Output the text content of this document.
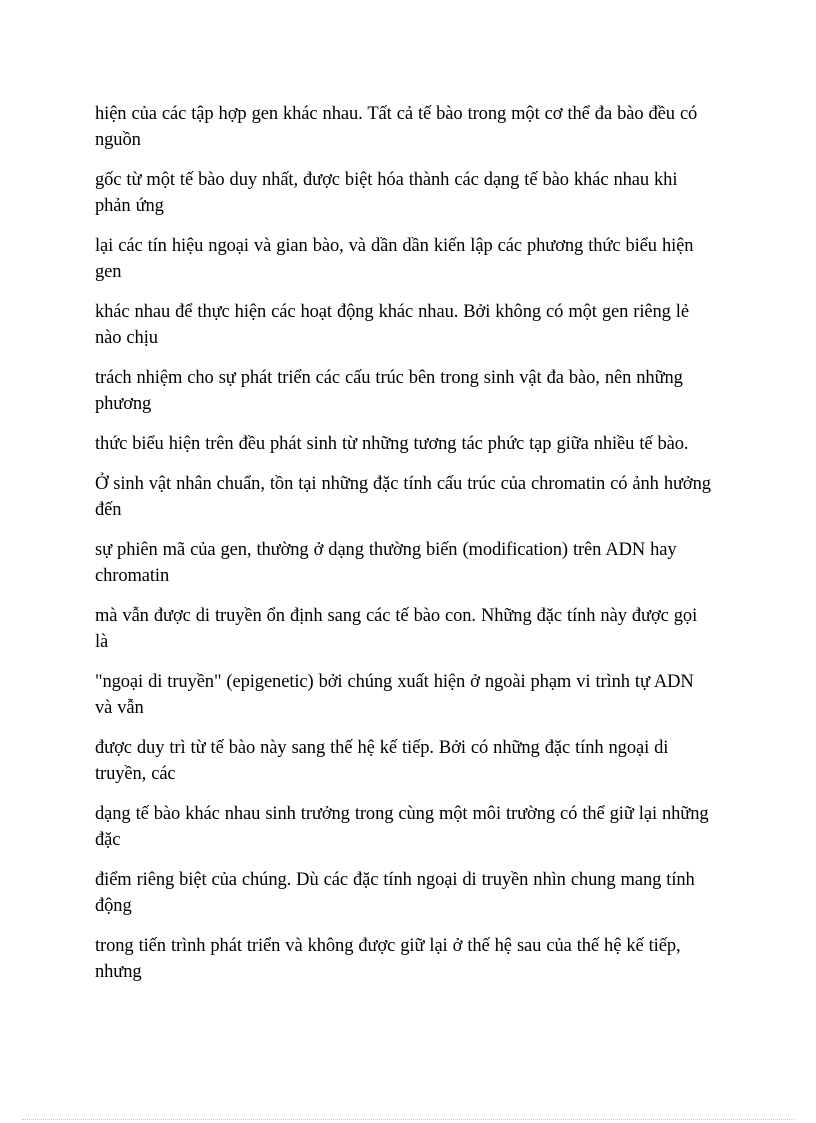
hiện của các tập hợp gen khác nhau. Tất cả tế bào trong một cơ thể đa bào đều có
nguồn

gốc từ một tế bào duy nhất, được biệt hóa thành các dạng tế bào khác nhau khi
phản ứng

lại các tín hiệu ngoại và gian bào, và dần dần kiến lập các phương thức biểu hiện
gen

khác nhau để thực hiện các hoạt động khác nhau. Bởi không có một gen riêng lẻ
nào chịu

trách nhiệm cho sự phát triển các cấu trúc bên trong sinh vật đa bào, nên những
phương

thức biểu hiện trên đều phát sinh từ những tương tác phức tạp giữa nhiều tế bào.

Ở sinh vật nhân chuẩn, tồn tại những đặc tính cấu trúc của chromatin có ảnh hưởng
đến

sự phiên mã của gen, thường ở dạng thường biến (modification) trên ADN hay
chromatin

mà vẫn được di truyền ổn định sang các tế bào con. Những đặc tính này được gọi
là

"ngoại di truyền" (epigenetic) bởi chúng xuất hiện ở ngoài phạm vi trình tự ADN
và vẫn

được duy trì từ tế bào này sang thế hệ kế tiếp. Bởi có những đặc tính ngoại di
truyền, các

dạng tế bào khác nhau sinh trưởng trong cùng một môi trường có thể giữ lại những
đặc

điểm riêng biệt của chúng. Dù các đặc tính ngoại di truyền nhìn chung mang tính
động

trong tiến trình phát triển và không được giữ lại ở thế hệ sau của thế hệ kế tiếp,
nhưng
